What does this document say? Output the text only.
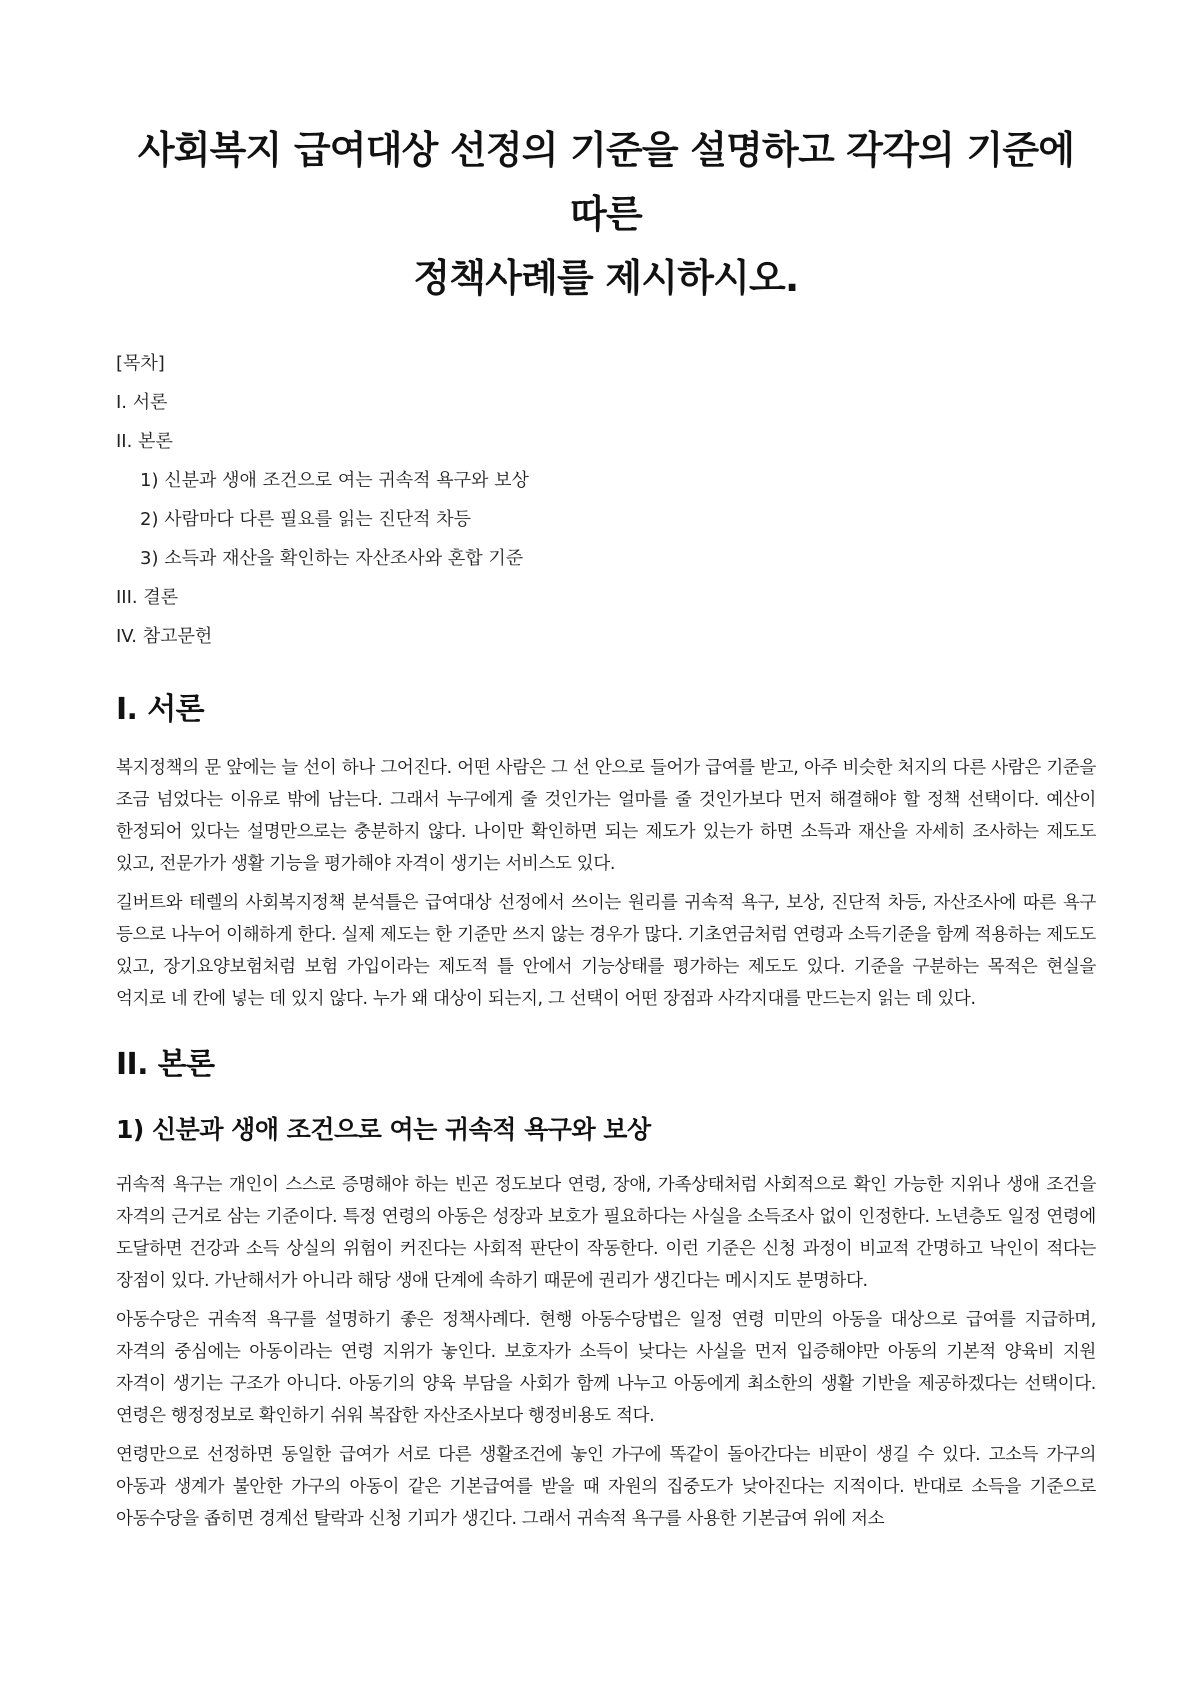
사회복지 급여대상 선정의 기준을 설명하고 각각의 기준에 따른
정책사례를 제시하시오.
[목차]
I. 서론
II. 본론
1) 신분과 생애 조건으로 여는 귀속적 욕구와 보상
2) 사람마다 다른 필요를 읽는 진단적 차등
3) 소득과 재산을 확인하는 자산조사와 혼합 기준
III. 결론
IV. 참고문헌
I. 서론

복지정책의 문 앞에는 늘 선이 하나 그어진다. 어떤 사람은 그 선 안으로 들어가 급여를 받고, 아주 비슷한 처지의 다른 사람은 기준을 조금 넘었다는 이유로 밖에 남는다. 그래서 누구에게 줄 것인가는 얼마를 줄 것인가보다 먼저 해결해야 할 정책 선택이다. 예산이 한정되어 있다는 설명만으로는 충분하지 않다. 나이만 확인하면 되는 제도가 있는가 하면 소득과 재산을 자세히 조사하는 제도도 있고, 전문가가 생활 기능을 평가해야 자격이 생기는 서비스도 있다.

길버트와 테렐의 사회복지정책 분석틀은 급여대상 선정에서 쓰이는 원리를 귀속적 욕구, 보상, 진단적 차등, 자산조사에 따른 욕구 등으로 나누어 이해하게 한다. 실제 제도는 한 기준만 쓰지 않는 경우가 많다. 기초연금처럼 연령과 소득기준을 함께 적용하는 제도도 있고, 장기요양보험처럼 보험 가입이라는 제도적 틀 안에서 기능상태를 평가하는 제도도 있다. 기준을 구분하는 목적은 현실을 억지로 네 칸에 넣는 데 있지 않다. 누가 왜 대상이 되는지, 그 선택이 어떤 장점과 사각지대를 만드는지 읽는 데 있다.

II. 본론
1) 신분과 생애 조건으로 여는 귀속적 욕구와 보상

귀속적 욕구는 개인이 스스로 증명해야 하는 빈곤 정도보다 연령, 장애, 가족상태처럼 사회적으로 확인 가능한 지위나 생애 조건을 자격의 근거로 삼는 기준이다. 특정 연령의 아동은 성장과 보호가 필요하다는 사실을 소득조사 없이 인정한다. 노년층도 일정 연령에 도달하면 건강과 소득 상실의 위험이 커진다는 사회적 판단이 작동한다. 이런 기준은 신청 과정이 비교적 간명하고 낙인이 적다는 장점이 있다. 가난해서가 아니라 해당 생애 단계에 속하기 때문에 권리가 생긴다는 메시지도 분명하다.

아동수당은 귀속적 욕구를 설명하기 좋은 정책사례다. 현행 아동수당법은 일정 연령 미만의 아동을 대상으로 급여를 지급하며, 자격의 중심에는 아동이라는 연령 지위가 놓인다. 보호자가 소득이 낮다는 사실을 먼저 입증해야만 아동의 기본적 양육비 지원 자격이 생기는 구조가 아니다. 아동기의 양육 부담을 사회가 함께 나누고 아동에게 최소한의 생활 기반을 제공하겠다는 선택이다. 연령은 행정정보로 확인하기 쉬워 복잡한 자산조사보다 행정비용도 적다.

연령만으로 선정하면 동일한 급여가 서로 다른 생활조건에 놓인 가구에 똑같이 돌아간다는 비판이 생길 수 있다. 고소득 가구의 아동과 생계가 불안한 가구의 아동이 같은 기본급여를 받을 때 자원의 집중도가 낮아진다는 지적이다. 반대로 소득을 기준으로 아동수당을 좁히면 경계선 탈락과 신청 기피가 생긴다. 그래서 귀속적 욕구를 사용한 기본급여 위에 저소
